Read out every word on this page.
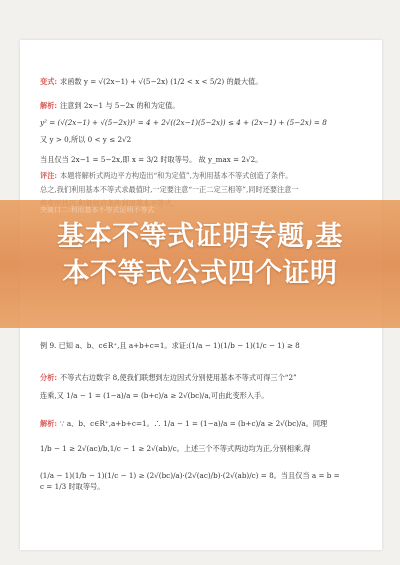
变式: 求函数 y = √(2x−1) + √(5−2x) (1/2 < x < 5/2) 的最大值。
解析: 注意到 2x−1 与 5−2x 的和为定值。
y² = (√(2x−1) + √(5−2x))² = 4 + 2√((2x−1)(5−2x)) ≤ 4 + (2x−1) + (5−2x) = 8
又 y > 0,所以 0 < y ≤ 2√2
当且仅当 2x−1 = 5−2x,即 x = 3/2 时取等号。 故 y_max = 2√2。
评注: 本题将解析式两边平方构造出“和为定值”,为利用基本不等式创造了条件。
总之,我们利用基本不等式求最值时,一定要注意“一正二定三相等”,同时还要注意一
突破口二:利用基本不等式证明不等式
基本不等式证明专题,基
本不等式公式四个证明
例 9. 已知 a、b、c∈R⁺,且 a+b+c=1。求证:(1/a − 1)(1/b − 1)(1/c − 1) ≥ 8
分析: 不等式右边数字 8,使我们联想到左边因式分别使用基本不等式可得三个“2”
连乘,又 1/a − 1 = (1−a)/a = (b+c)/a ≥ 2√(bc)/a,可由此变形入手。
解析: ∵ a、b、c∈R⁺,a+b+c=1。∴ 1/a − 1 = (1−a)/a = (b+c)/a ≥ 2√(bc)/a。同理
1/b − 1 ≥ 2√(ac)/b,1/c − 1 ≥ 2√(ab)/c。上述三个不等式两边均为正,分别相乘,得
(1/a − 1)(1/b − 1)(1/c − 1) ≥ (2√(bc)/a)·(2√(ac)/b)·(2√(ab)/c) = 8。当且仅当 a = b = c = 1/3 时取等号。
